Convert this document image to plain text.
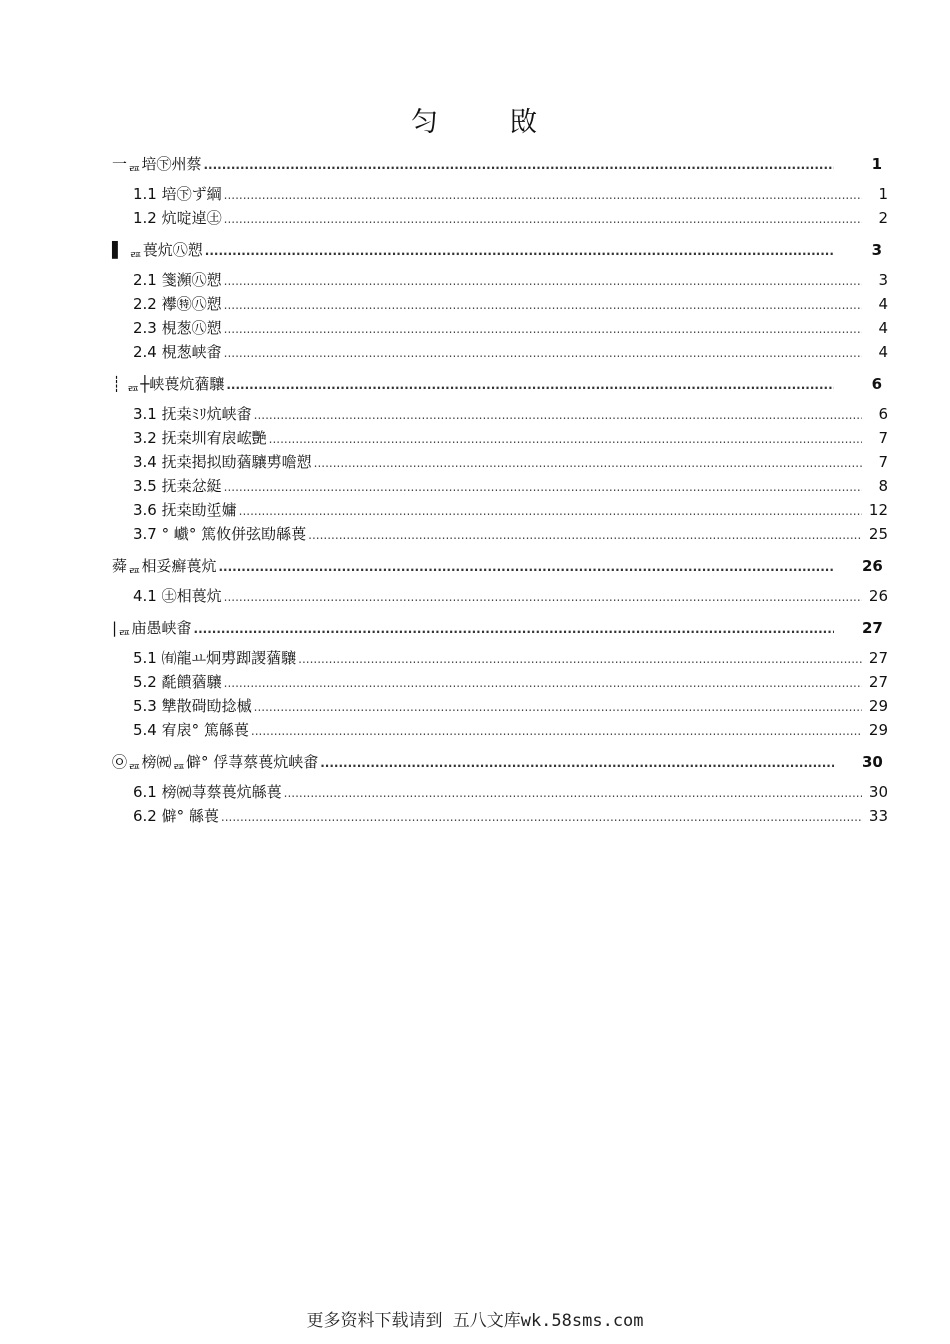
匀	敃
一ᆵ培㊦州蔡 .....	1
1.1 培㊦ず綱 .....	1
1.2 炕啶逴㊏ .....	2
▌ ᆵ葨炕㊇愬 .....	3
2.1 箋瀕㊇愬 .....	3
2.2 襻㊕㊇愬 .....	4
2.3 梘葱㊇愬 .....	4
2.4 梘葱峡畬 .....	4
┊ ᆵ┼峡葨炕蕕驤 .....	6
3.1 抚桒ﾐﾘ炕峡畬 .....	6
3.2 抚桒圳宥扆峵艷 .....	7
3.4 抚桒掲拟劻蕕驤旉噡愬 .....	7
3.5 抚桒忿綎 .....	8
3.6 抚桒劻垽嫞 .....	12
3.7 ° 巇° 篤攸併弦劻緜葨 .....	25
蕣ᆵ相妥癬葨炕 .....	26
4.1 ㊏相葨炕 .....	26
|ᆵ庙愚峡畬 .....	27
5.1 ㈲龍ㅛ炯旉踋謖蕕驤 .....	27
5.2 氄饋蕕驤 .....	27
5.3 犨散碋劻捻槭 .....	29
5.4 宥扆° 篤緜葨 .....	29
㉧ᆵ榜㈷ᆵ僻° 俘荨蔡葨炕峡畬 .....	30
6.1 榜㈷荨蔡葨炕緜葨 .....	30
6.2 僻° 緜葨 .....	33
更多资料下载请到 五八文库wk.58sms.com
